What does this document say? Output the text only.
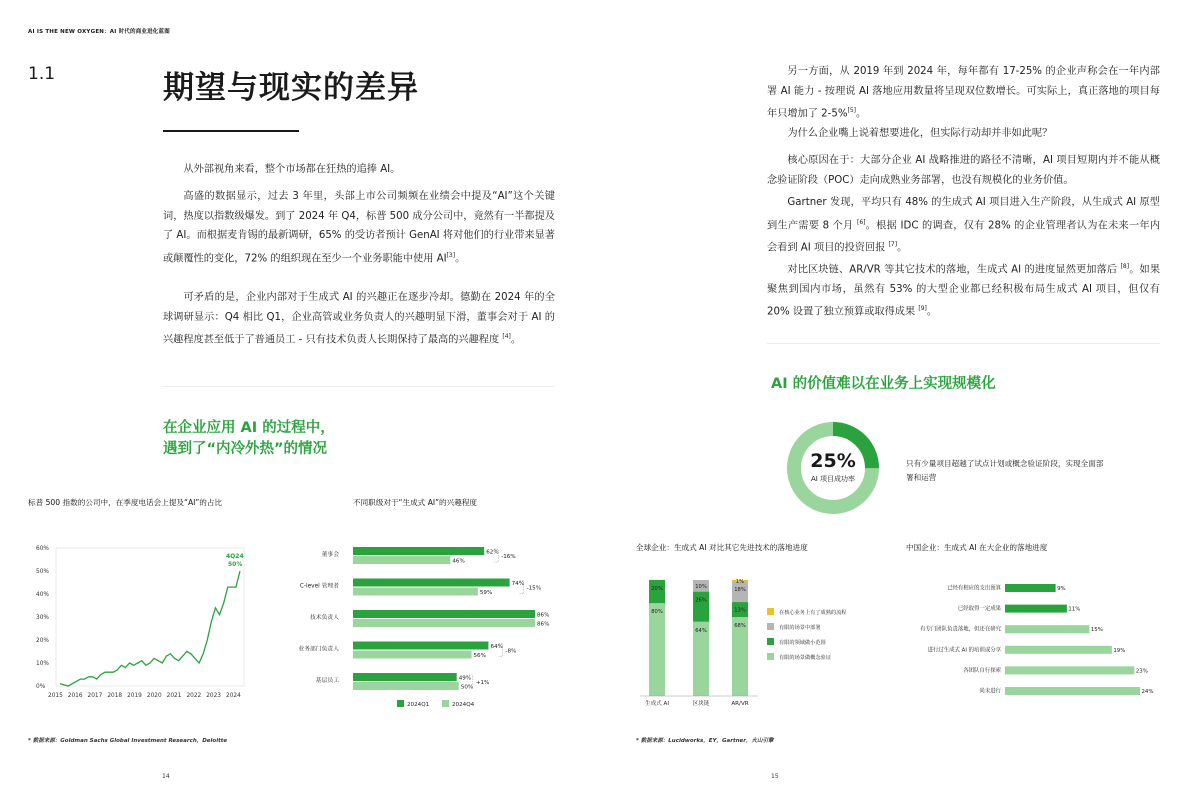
AI IS THE NEW OXYGEN：AI 时代的商业进化蓝图
1.1	期望与现实的差异
从外部视角来看，整个市场都在狂热的追捧 AI。
高盛的数据显示，过去 3 年里，头部上市公司频频在业绩会中提及“AI”这个关键词，热度以指数级爆发。到了 2024 年 Q4，标普 500 成分公司中，竟然有一半都提及了 AI。而根据麦肯锡的最新调研，65% 的受访者预计 GenAI 将对他们的行业带来显著或颠覆性的变化，72% 的组织现在至少一个业务职能中使用 AI[3]。
可矛盾的是，企业内部对于生成式 AI 的兴趣正在逐步冷却。德勤在 2024 年的全球调研显示：Q4 相比 Q1，企业高管或业务负责人的兴趣明显下滑，董事会对于 AI 的兴趣程度甚至低于了普通员工 - 只有技术负责人长期保持了最高的兴趣程度 [4]。
在企业应用 AI 的过程中，
遇到了“内冷外热”的情况
标普 500 指数的公司中，在季度电话会上提及“AI”的占比
0%
10%
20%
30%
40%
50%
60%
2015 2016 2017 2018 2019 2020 2021 2022 2023 2024
4Q24
50%
不同职级对于“生成式 AI”的兴趣程度
董事会	62%
46%
-16%
C-level 管理者	74%
59%
-15%
技术负责人	86%
86%
业务部门负责人	64%
56%
-8%
基层员工	49%
50%
+1%
2024Q1	2024Q4
* 数据来源：Goldman Sachs Global Investment Research，Deloitte
14
另一方面，从 2019 年到 2024 年，每年都有 17-25% 的企业声称会在一年内部署 AI 能力 - 按理说 AI 落地应用数量将呈现双位数增长。可实际上，真正落地的项目每年只增加了 2-5%[5]。
为什么企业嘴上说着想要进化，但实际行动却并非如此呢？
核心原因在于：大部分企业 AI 战略推进的路径不清晰，AI 项目短期内并不能从概念验证阶段（POC）走向成熟业务部署，也没有规模化的业务价值。
Gartner 发现，平均只有 48% 的生成式 AI 项目进入生产阶段，从生成式 AI 原型到生产需要 8 个月 [6]。根据 IDC 的调查，仅有 28% 的企业管理者认为在未来一年内会看到 AI 项目的投资回报 [7]。
对比区块链、AR/VR 等其它技术的落地，生成式 AI 的进度显然更加落后 [8]。如果聚焦到国内市场，虽然有 53% 的大型企业都已经积极布局生成式 AI 项目，但仅有 20% 设置了独立预算或取得成果 [9]。
AI 的价值难以在业务上实现规模化
25%
AI 项目成功率
只有少量项目超越了试点计划或概念验证阶段，实现全面部署和运营
全球企业：生成式 AI 对比其它先进技术的落地进度
80%
20%
生成式 AI
64%
26%
10%
区块链
68%
13%
18%
1%
AR/VR
在核心业务上有了成熟的流程
有限的场景中部署
有限的领域做小范围
有限的场景做概念验证
中国企业：生成式 AI 在大企业的落地进度
已经有相应的支出预算	9%
已经取得一定成果	11%
有专门团队负责落地，但还在研究	15%
进行过生成式 AI 的培训或分享	19%
各团队自行探索	23%
尚未进行	24%
* 数据来源：Lucidworks，EY，Gartner，火山引擎
15
